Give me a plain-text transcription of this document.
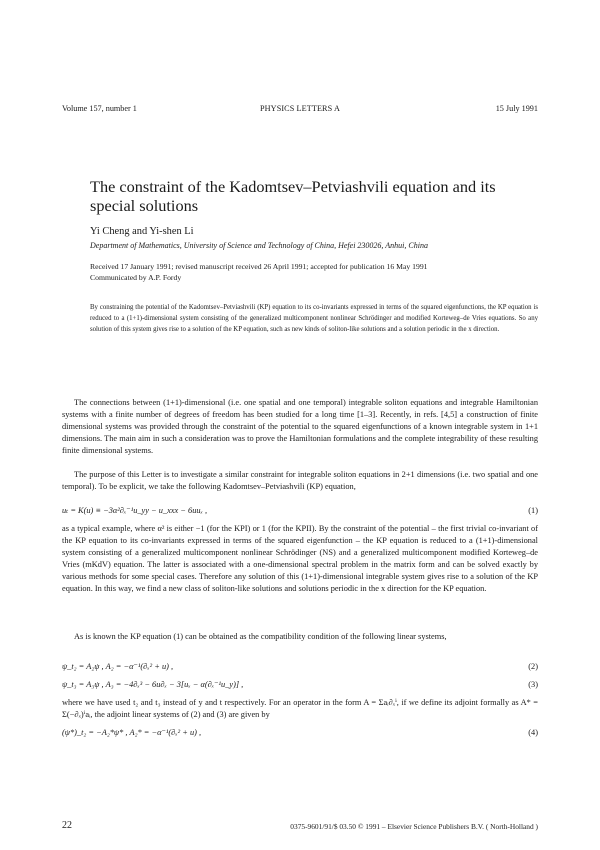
Volume 157, number 1	PHYSICS LETTERS A	15 July 1991
The constraint of the Kadomtsev–Petviashvili equation and its special solutions
Yi Cheng and Yi-shen Li
Department of Mathematics, University of Science and Technology of China, Hefei 230026, Anhui, China
Received 17 January 1991; revised manuscript received 26 April 1991; accepted for publication 16 May 1991
Communicated by A.P. Fordy
By constraining the potential of the Kadomtsev–Petviashvili (KP) equation to its co-invariants expressed in terms of the squared eigenfunctions, the KP equation is reduced to a (1+1)-dimensional system consisting of the generalized multicomponent nonlinear Schrödinger and modified Korteweg–de Vries equations. So any solution of this system gives rise to a solution of the KP equation, such as new kinds of soliton-like solutions and a solution periodic in the x direction.
The connections between (1+1)-dimensional (i.e. one spatial and one temporal) integrable soliton equations and integrable Hamiltonian systems with a finite number of degrees of freedom has been studied for a long time [1–3]. Recently, in refs. [4,5] a construction of finite dimensional systems was provided through the constraint of the potential to the squared eigenfunctions of a known integrable system in 1+1 dimensions. The main aim in such a consideration was to prove the Hamiltonian formulations and the complete integrability of these resulting finite dimensional systems.
The purpose of this Letter is to investigate a similar constraint for integrable soliton equations in 2+1 dimensions (i.e. two spatial and one temporal). To be explicit, we take the following Kadomtsev–Petviashvili (KP) equation,
uₜ = K(u) ≡ −3α²∂ₓ⁻¹u_yy − u_xxx − 6uuₓ ,	(1)
as a typical example, where α² is either −1 (for the KPI) or 1 (for the KPII). By the constraint of the potential – the first trivial co-invariant of the KP equation to its co-invariants expressed in terms of the squared eigenfunction – the KP equation is reduced to a (1+1)-dimensional system consisting of a generalized multicomponent nonlinear Schrödinger (NS) and a generalized multicomponent modified Korteweg–de Vries (mKdV) equation. The latter is associated with a one-dimensional spectral problem in the matrix form and can be solved exactly by various methods for some special cases. Therefore any solution of this (1+1)-dimensional integrable system gives rise to a solution of the KP equation. In this way, we find a new class of soliton-like solutions and solutions periodic in the x direction for the KP equation.
As is known the KP equation (1) can be obtained as the compatibility condition of the following linear systems,
ψ_t₂ = A₂ψ , A₂ = −α⁻¹(∂ₓ² + u) ,	(2)
ψ_t₃ = A₃ψ , A₃ = −4∂ₓ³ − 6u∂ₓ − 3[uₓ − α(∂ₓ⁻¹u_y)] ,	(3)
where we have used t₂ and t₃ instead of y and t respectively. For an operator in the form A = Σaᵢ∂ₓⁱ, if we define its adjoint formally as A* = Σ(−∂ₓ)ⁱaᵢ, the adjoint linear systems of (2) and (3) are given by
(ψ*)_t₂ = −A₂*ψ* , A₂* = −α⁻¹(∂ₓ² + u) ,	(4)
22	0375-9601/91/$ 03.50 © 1991 – Elsevier Science Publishers B.V. ( North-Holland )
